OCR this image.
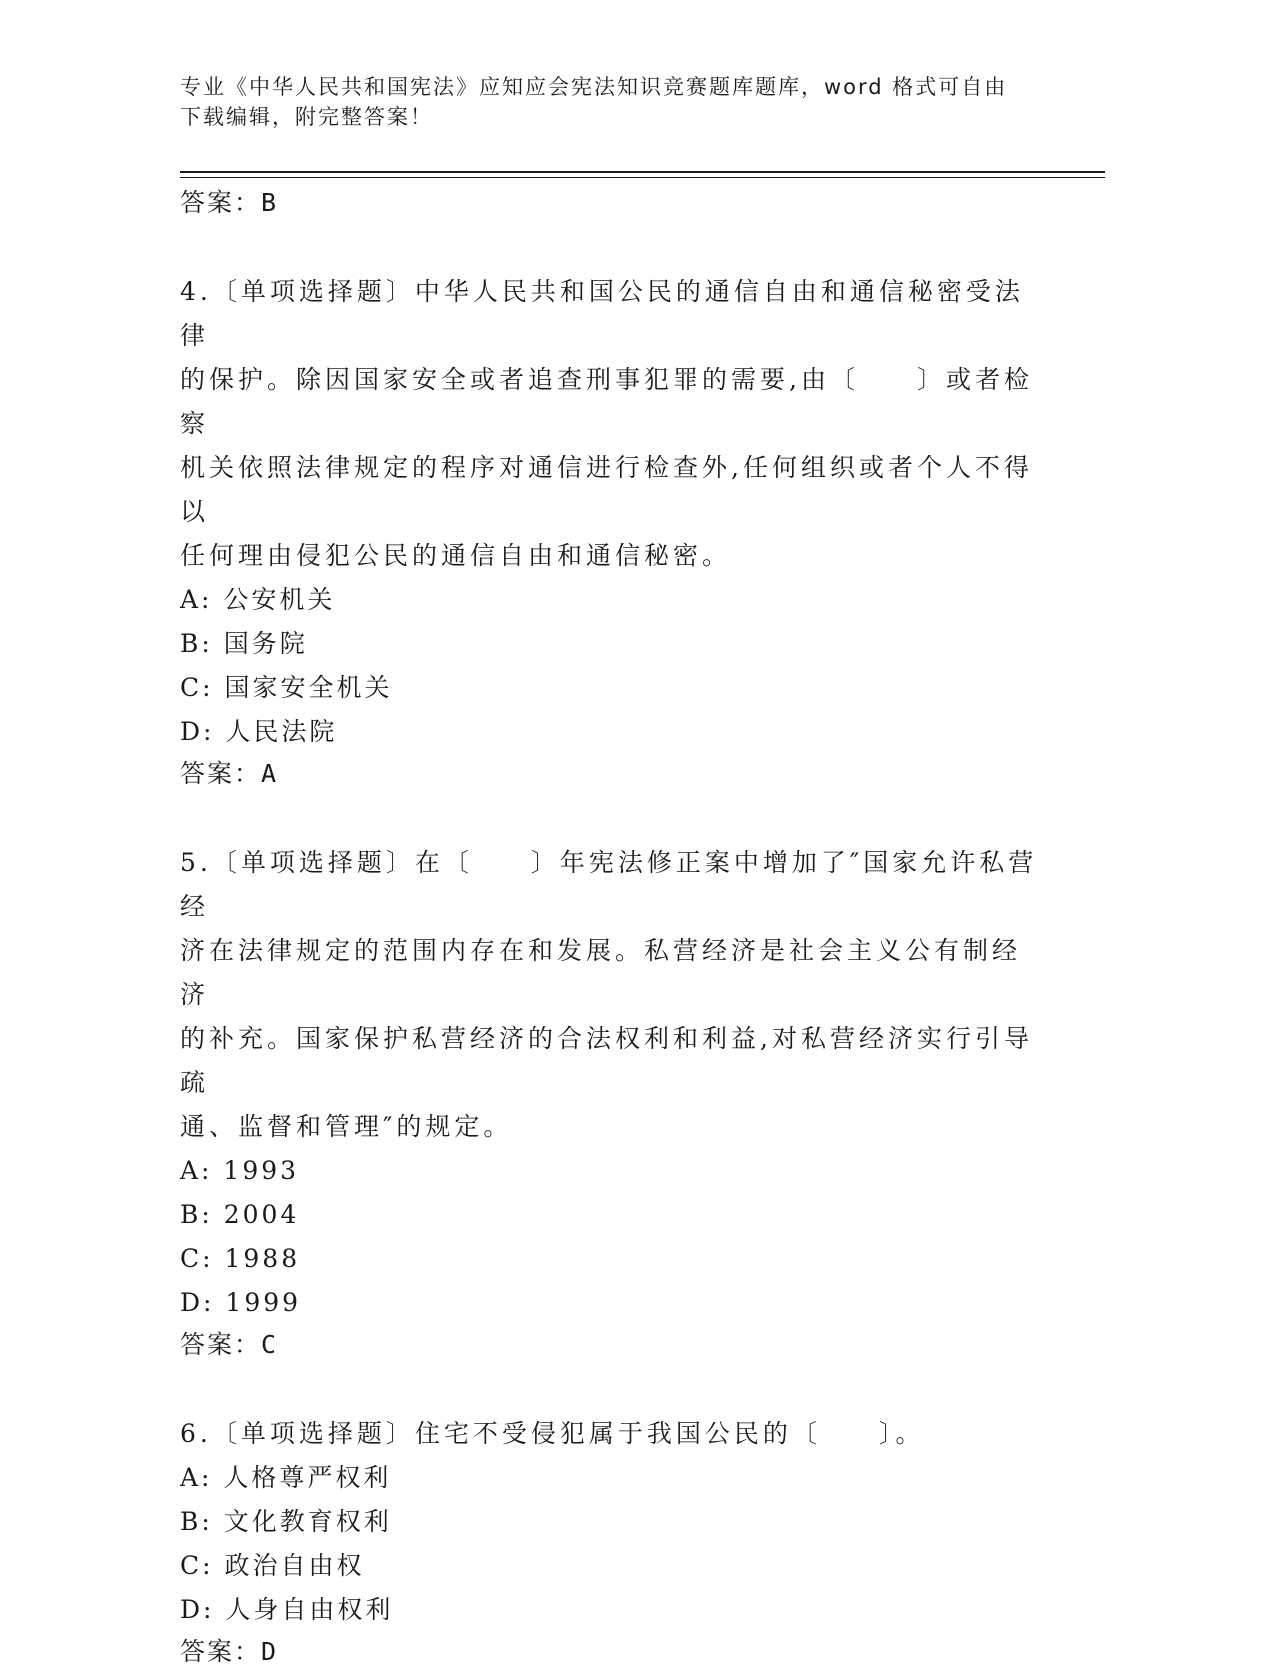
专业《中华人民共和国宪法》应知应会宪法知识竞赛题库题库，word 格式可自由
下载编辑，附完整答案！
答案：B
4.〔单项选择题〕中华人民共和国公民的通信自由和通信秘密受法律
的保护。除因国家安全或者追查刑事犯罪的需要,由〔　　〕或者检察
机关依照法律规定的程序对通信进行检查外,任何组织或者个人不得以
任何理由侵犯公民的通信自由和通信秘密。
A: 公安机关
B: 国务院
C: 国家安全机关
D: 人民法院
答案：A
5.〔单项选择题〕在〔　　〕年宪法修正案中增加了″国家允许私营经
济在法律规定的范围内存在和发展。私营经济是社会主义公有制经济
的补充。国家保护私营经济的合法权利和利益,对私营经济实行引导疏
通、监督和管理″的规定。
A: 1993
B: 2004
C: 1988
D: 1999
答案：C
6.〔单项选择题〕住宅不受侵犯属于我国公民的〔　　〕。
A: 人格尊严权利
B: 文化教育权利
C: 政治自由权
D: 人身自由权利
答案：D
